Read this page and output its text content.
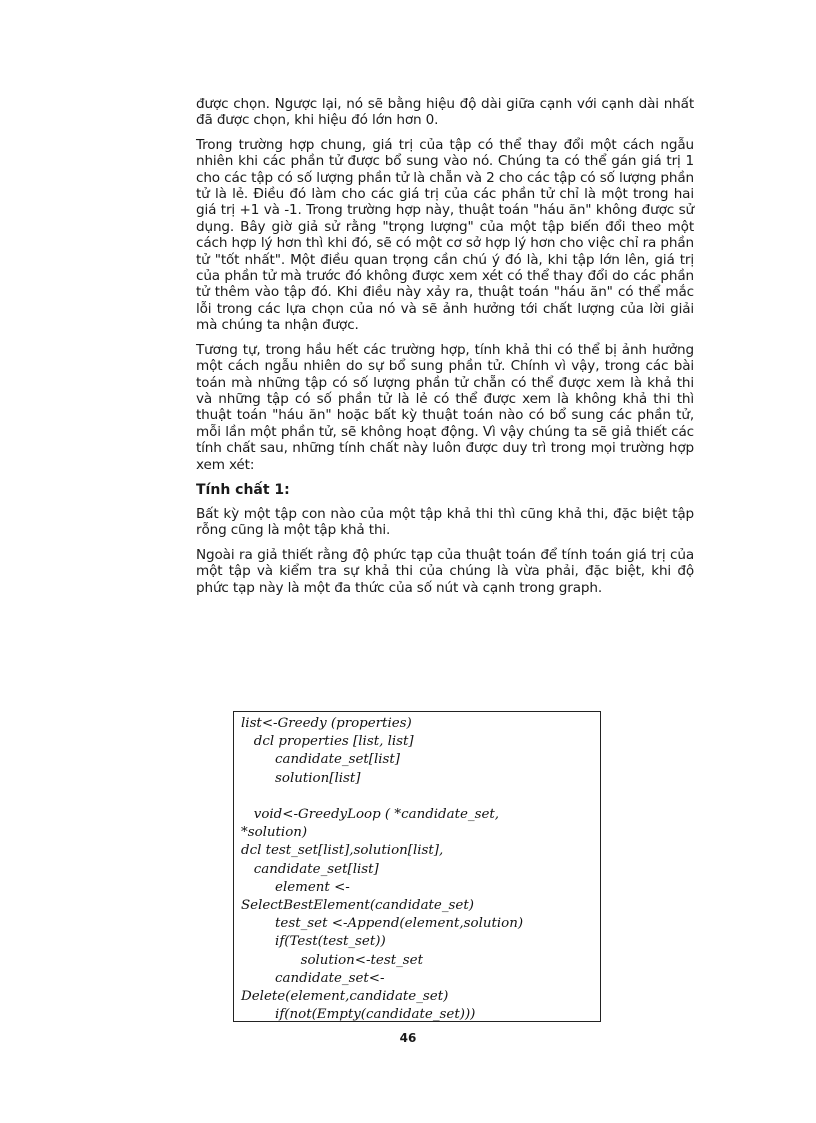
được chọn. Ngược lại, nó sẽ bằng hiệu độ dài giữa cạnh với cạnh dài nhất đã được chọn, khi hiệu đó lớn hơn 0.

Trong trường hợp chung, giá trị của tập có thể thay đổi một cách ngẫu nhiên khi các phần tử được bổ sung vào nó. Chúng ta có thể gán giá trị 1 cho các tập có số lượng phần tử là chẵn và 2 cho các tập có số lượng phần tử là lẻ. Điều đó làm cho các giá trị của các phần tử chỉ là một trong hai giá trị +1 và -1. Trong trường hợp này, thuật toán "háu ăn" không được sử dụng. Bây giờ giả sử rằng "trọng lượng" của một tập biến đổi theo một cách hợp lý hơn thì khi đó, sẽ có một cơ sở hợp lý hơn cho việc chỉ ra phần tử "tốt nhất". Một điều quan trọng cần chú ý đó là, khi tập lớn lên, giá trị của phần tử mà trước đó không được xem xét có thể thay đổi do các phần tử thêm vào tập đó. Khi điều này xảy ra, thuật toán "háu ăn" có thể mắc lỗi trong các lựa chọn của nó và sẽ ảnh hưởng tới chất lượng của lời giải mà chúng ta nhận được.

Tương tự, trong hầu hết các trường hợp, tính khả thi có thể bị ảnh hưởng một cách ngẫu nhiên do sự bổ sung phần tử. Chính vì vậy, trong các bài toán mà những tập có số lượng phần tử chẵn có thể được xem là khả thi và những tập có số phần tử là lẻ có thể được xem là không khả thi thì thuật toán "háu ăn" hoặc bất kỳ thuật toán nào có bổ sung các phần tử, mỗi lần một phần tử, sẽ không hoạt động. Vì vậy chúng ta sẽ giả thiết các tính chất sau, những tính chất này luôn được duy trì trong mọi trường hợp xem xét:

Tính chất 1:

Bất kỳ một tập con nào của một tập khả thi thì cũng khả thi, đặc biệt tập rỗng cũng là một tập khả thi.

Ngoài ra giả thiết rằng độ phức tạp của thuật toán để tính toán giá trị của một tập và kiểm tra sự khả thi của chúng là vừa phải, đặc biệt, khi độ phức tạp này là một đa thức của số nút và cạnh trong graph.

list<-Greedy (properties)
dcl properties [list, list]
candidate_set[list]
solution[list]
void<-GreedyLoop ( *candidate_set,
*solution)
dcl test_set[list],solution[list],
candidate_set[list]
element <-
SelectBestElement(candidate_set)
test_set <-Append(element,solution)
if(Test(test_set))
solution<-test_set
candidate_set<-
Delete(element,candidate_set)
if(not(Empty(candidate_set)))
46
